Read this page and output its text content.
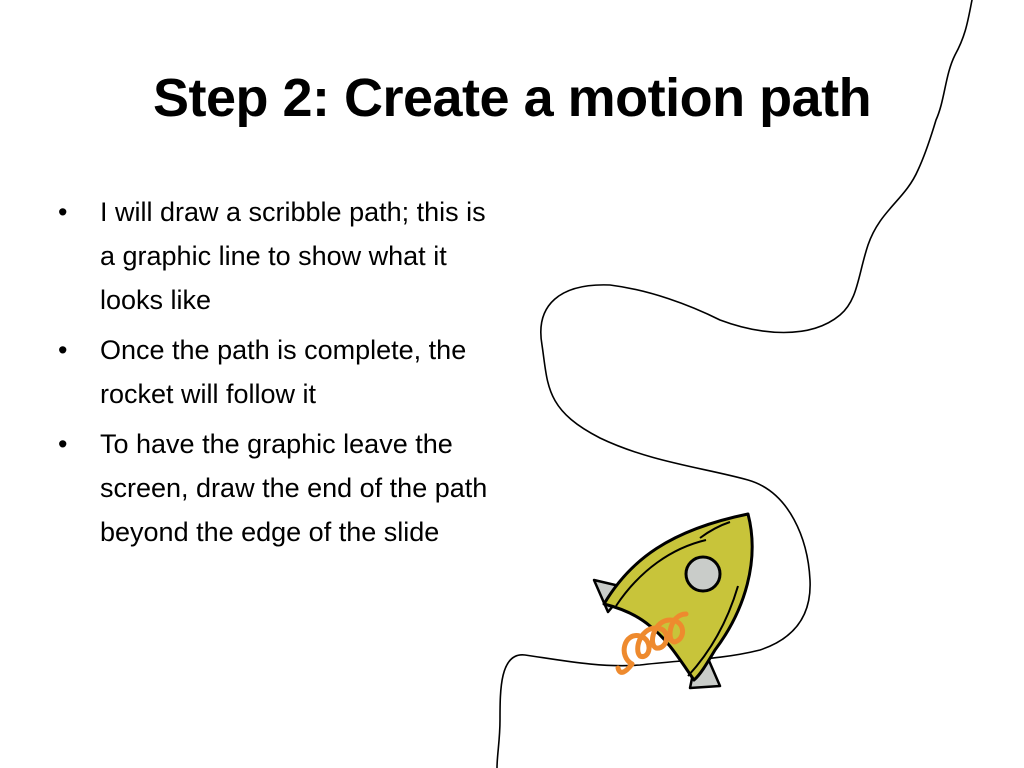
Step 2: Create a motion path
• I will draw a scribble path; this is a graphic line to show what it looks like
• Once the path is complete, the rocket will follow it
• To have the graphic leave the screen, draw the end of the path beyond the edge of the slide
